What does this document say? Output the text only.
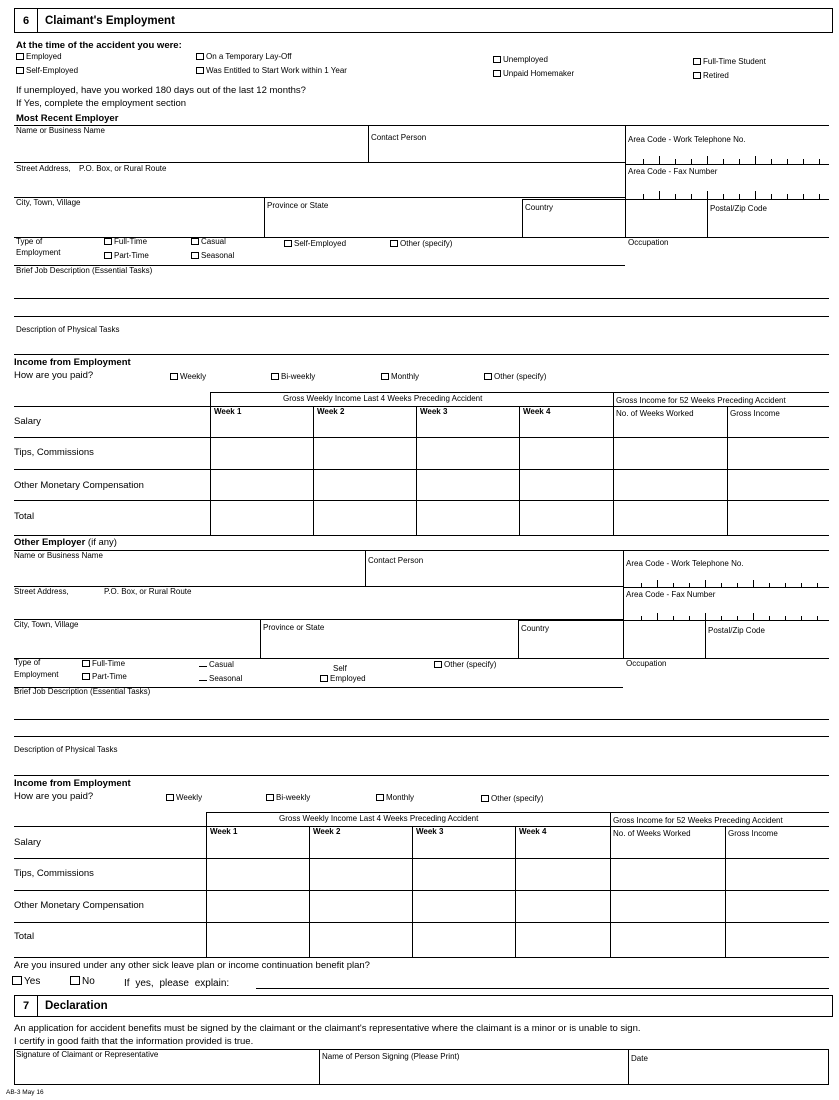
6	Claimant's Employment
At the time of the accident you were:
Employed
Self-Employed
On a Temporary Lay-Off
Was Entitled to Start Work within 1 Year
Unemployed
Unpaid Homemaker
Full-Time Student
Retired
If unemployed, have you worked 180 days out of the last 12 months?
If Yes, complete the employment section
Most Recent Employer
Name or Business Name
Contact Person	Area Code - Work Telephone No.
Street Address, P.O. Box, or Rural Route	Area Code - Fax Number
City, Town, Village	Province or State	Country	Postal/Zip Code
Type of
Employment
Full-Time
Part-Time
Casual
Seasonal
Self-Employed	Other (specify)	Occupation
Brief Job Description (Essential Tasks)
Description of Physical Tasks
Income from Employment
How are you paid?	Weekly	Bi-weekly	Monthly	Other (specify)
Gross Weekly Income Last 4 Weeks Preceding Accident	Gross Income for 52 Weeks Preceding Accident
Week 1	Week 2	Week 3	Week 4	No. of Weeks Worked	Gross Income
Salary
Tips, Commissions
Other Monetary Compensation
Total
Other Employer (if any)
Name or Business Name
Contact Person	Area Code - Work Telephone No.
Street Address,	P.O. Box, or Rural Route	Area Code - Fax Number
City, Town, Village	Province or State	Country	Postal/Zip Code
Type of
Employment
Full-Time
Part-Time
Casual
Seasonal
Self
Employed
Other (specify)	Occupation
Brief Job Description (Essential Tasks)
Description of Physical Tasks
Income from Employment
How are you paid?	Weekly	Bi-weekly	Monthly	Other (specify)
Gross Weekly Income Last 4 Weeks Preceding Accident	Gross Income for 52 Weeks Preceding Accident
Week 1	Week 2	Week 3	Week 4	No. of Weeks Worked	Gross Income
Salary
Tips, Commissions
Other Monetary Compensation
Total
Are you insured under any other sick leave plan or income continuation benefit plan?
Yes	No	If yes, please explain:
7	Declaration
An application for accident benefits must be signed by the claimant or the claimant's representative where the claimant is a minor or is unable to sign.
I certify in good faith that the information provided is true.
Signature of Claimant or Representative	Name of Person Signing (Please Print)	Date
AB-3 May 16
